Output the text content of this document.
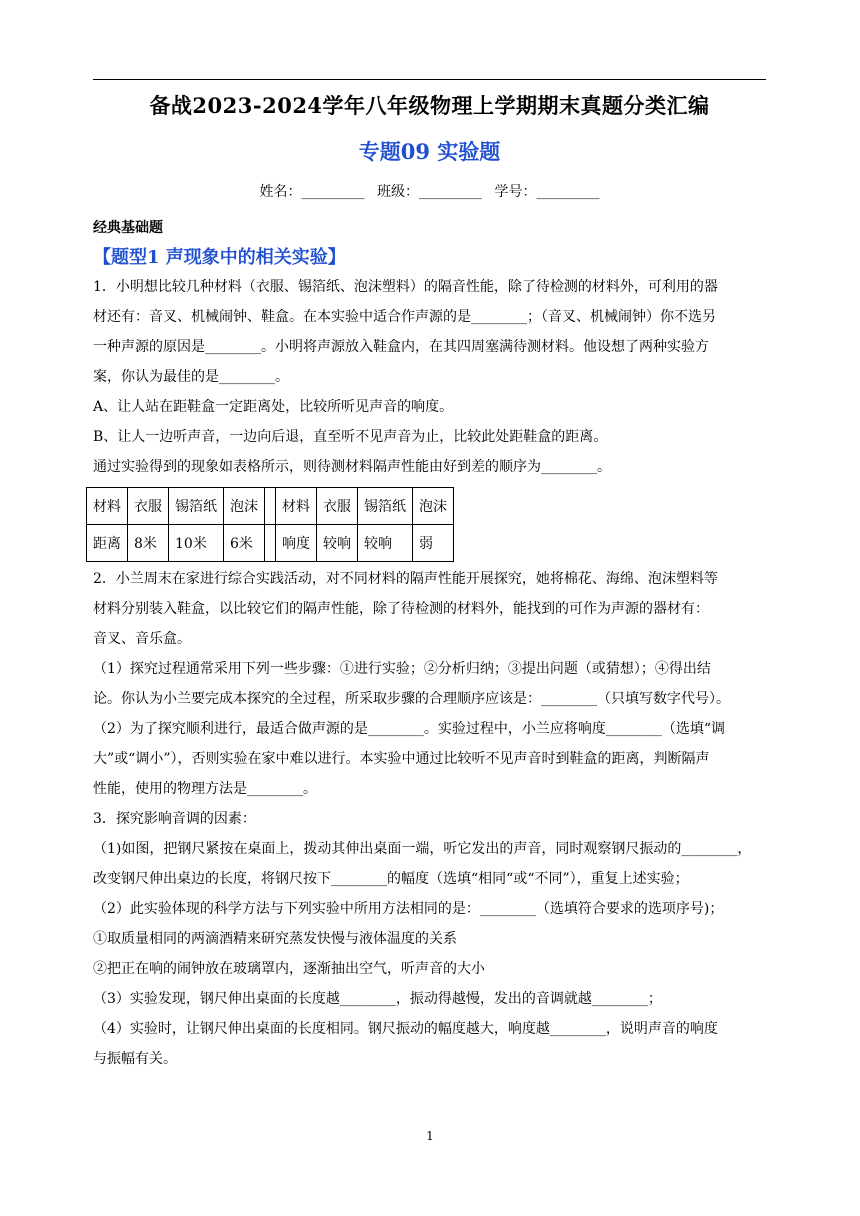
备战2023-2024学年八年级物理上学期期末真题分类汇编
专题09 实验题
姓名：_________ 班级：_________ 学号：_________
经典基础题
【题型1 声现象中的相关实验】

1．小明想比较几种材料（衣服、锡箔纸、泡沫塑料）的隔音性能，除了待检测的材料外，可利用的器

材还有：音叉、机械闹钟、鞋盒。在本实验中适合作声源的是________；（音叉、机械闹钟）你不选另

一种声源的原因是________。小明将声源放入鞋盒内，在其四周塞满待测材料。他设想了两种实验方

案，你认为最佳的是________。

A、让人站在距鞋盒一定距离处，比较所听见声音的响度。

B、让人一边听声音，一边向后退，直至听不见声音为止，比较此处距鞋盒的距离。

通过实验得到的现象如表格所示，则待测材料隔声性能由好到差的顺序为________。

材料	衣服	锡箔纸	泡沫		材料	衣服	锡箔纸	泡沫
距离	8米	10米	6米		响度	较响	较响	弱

2．小兰周末在家进行综合实践活动，对不同材料的隔声性能开展探究，她将棉花、海绵、泡沫塑料等

材料分别装入鞋盒，以比较它们的隔声性能，除了待检测的材料外，能找到的可作为声源的器材有：

音叉、音乐盒。

（1）探究过程通常采用下列一些步骤：①进行实验；②分析归纳；③提出问题（或猜想）；④得出结

论。你认为小兰要完成本探究的全过程，所采取步骤的合理顺序应该是：________（只填写数字代号）。

（2）为了探究顺利进行，最适合做声源的是________。实验过程中，小兰应将响度________（选填“调

大”或“调小”），否则实验在家中难以进行。本实验中通过比较听不见声音时到鞋盒的距离，判断隔声

性能，使用的物理方法是________。

3．探究影响音调的因素：

（1)如图，把钢尺紧按在桌面上，拨动其伸出桌面一端，听它发出的声音，同时观察钢尺振动的________，

改变钢尺伸出桌边的长度，将钢尺按下________的幅度（选填“相同“或“不同”），重复上述实验；

（2）此实验体现的科学方法与下列实验中所用方法相同的是：________（选填符合要求的选项序号)；

①取质量相同的两滴酒精来研究蒸发快慢与液体温度的关系

②把正在响的闹钟放在玻璃罩内，逐渐抽出空气，听声音的大小

（3）实验发现，钢尺伸出桌面的长度越________，振动得越慢，发出的音调就越________；

（4）实验时，让钢尺伸出桌面的长度相同。钢尺振动的幅度越大，响度越________，说明声音的响度

与振幅有关。

1
